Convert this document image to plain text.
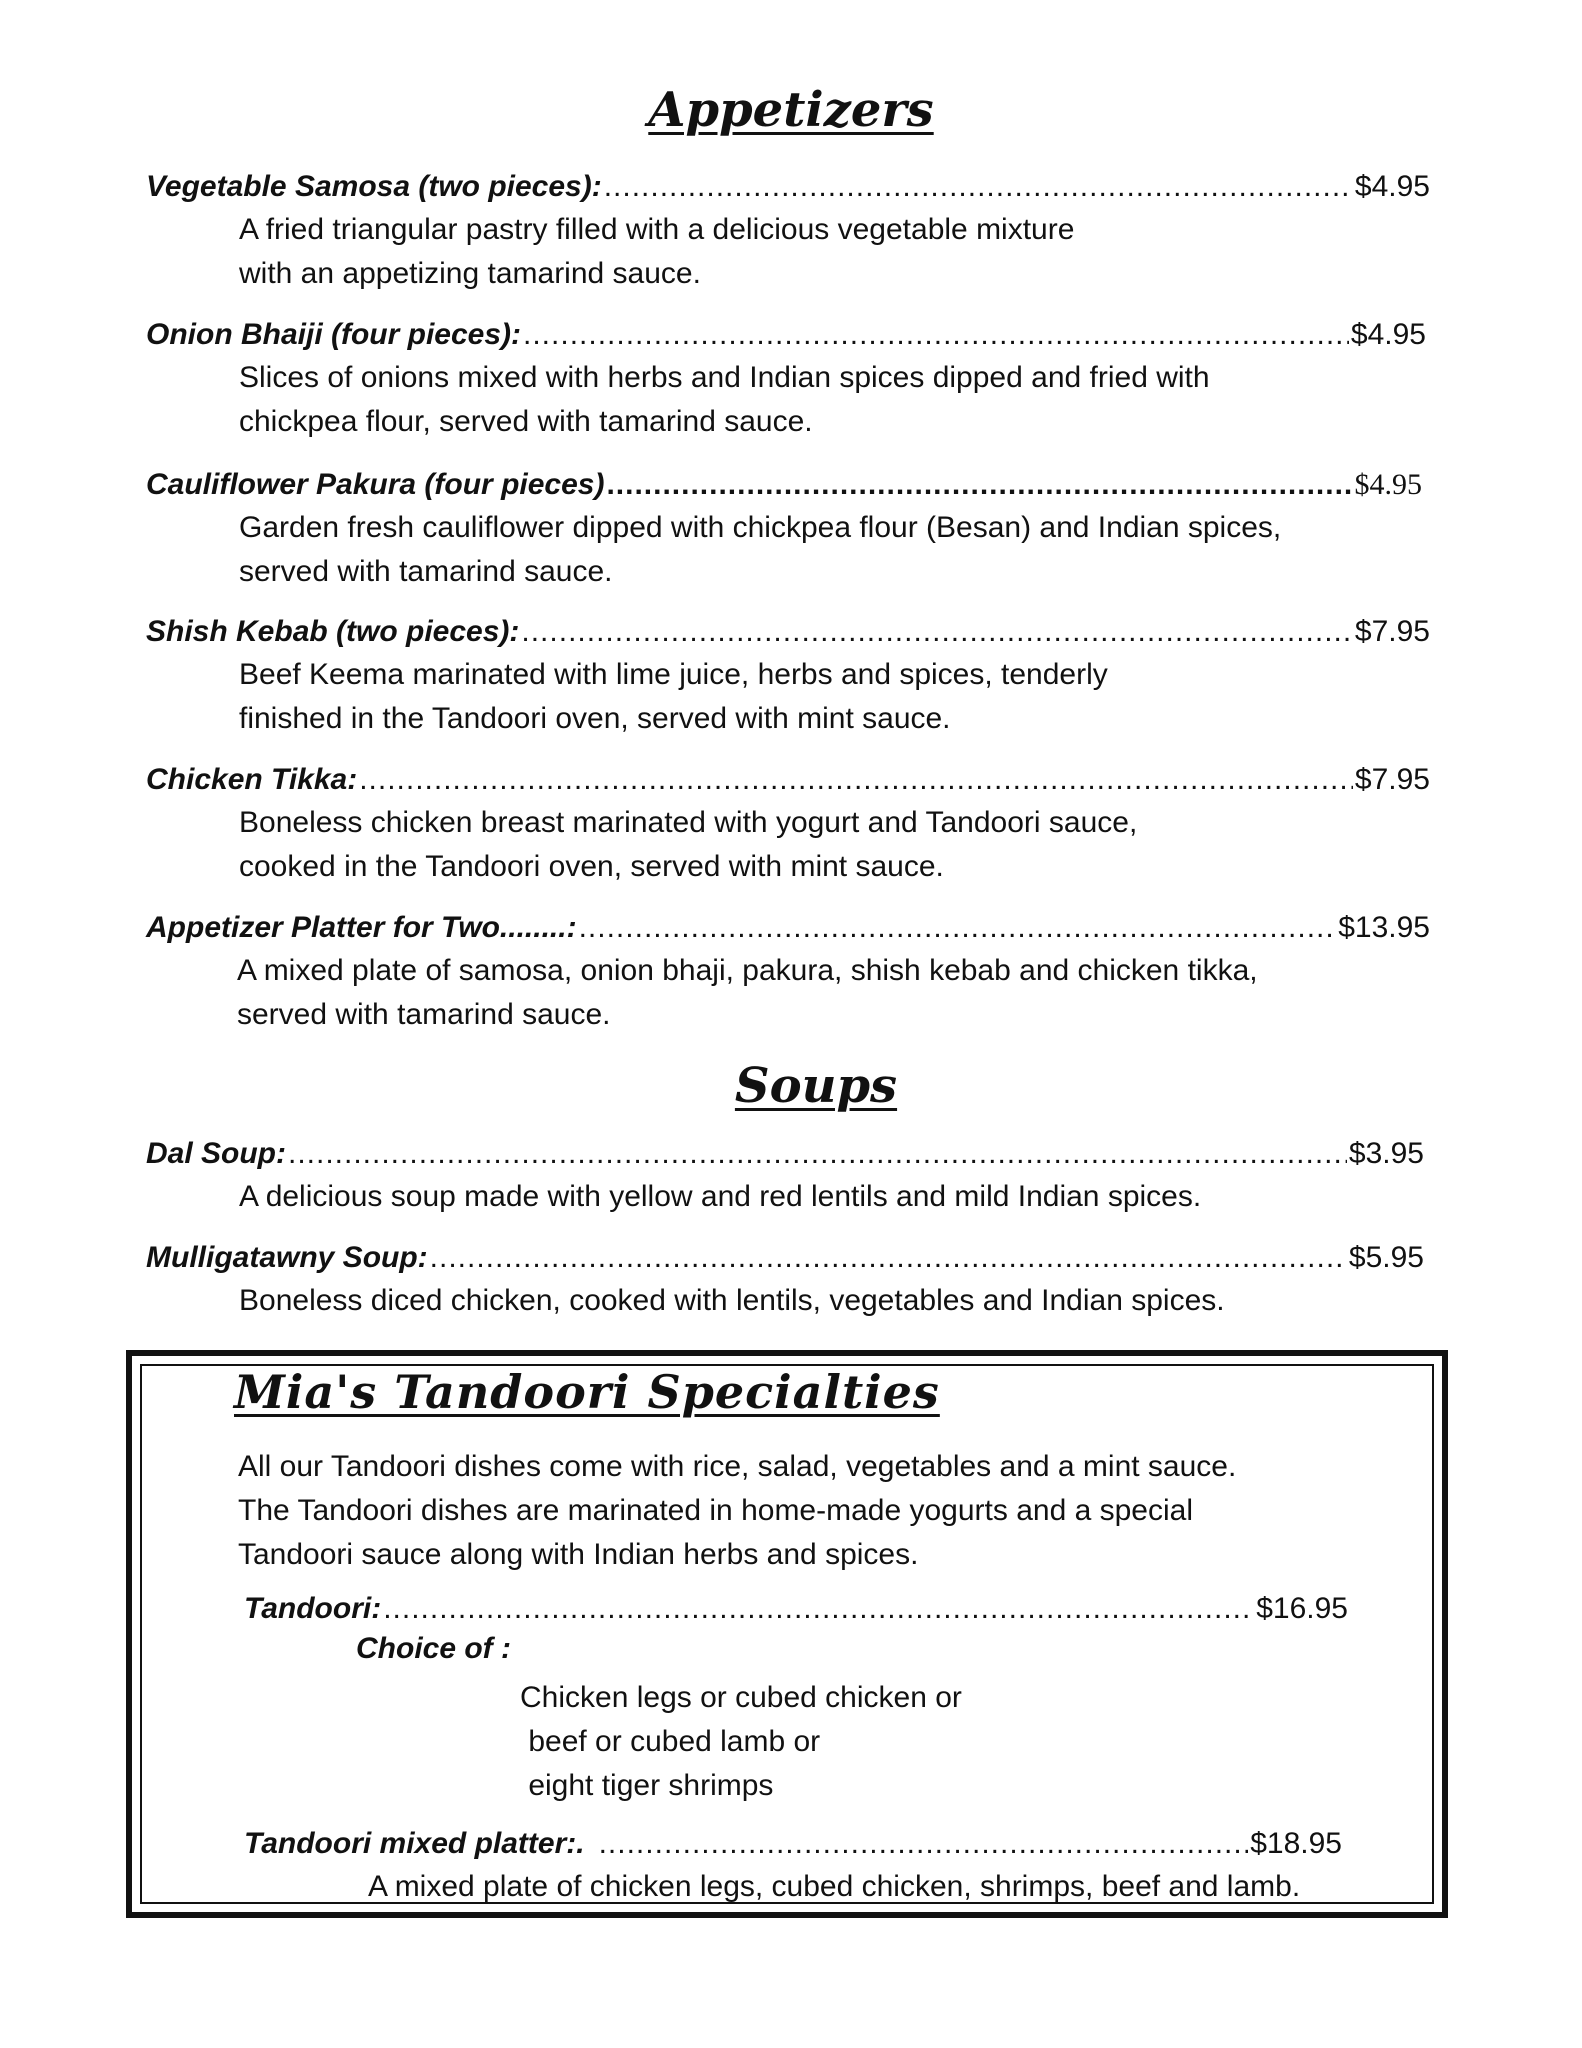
Appetizers
Vegetable Samosa (two pieces): .....	$4.95
A fried triangular pastry filled with a delicious vegetable mixture
with an appetizing tamarind sauce.
Onion Bhaiji (four pieces): .....	$4.95
Slices of onions mixed with herbs and Indian spices dipped and fried with
chickpea flour, served with tamarind sauce.
Cauliflower Pakura (four pieces) .....	$4.95
Garden fresh cauliflower dipped with chickpea flour (Besan) and Indian spices,
served with tamarind sauce.
Shish Kebab (two pieces): .....	$7.95
Beef Keema marinated with lime juice, herbs and spices, tenderly
finished in the Tandoori oven, served with mint sauce.
Chicken Tikka: .....	$7.95
Boneless chicken breast marinated with yogurt and Tandoori sauce,
cooked in the Tandoori oven, served with mint sauce.
Appetizer Platter for Two........: .....	$13.95
A mixed plate of samosa, onion bhaji, pakura, shish kebab and chicken tikka,
served with tamarind sauce.
Soups
Dal Soup: .....	$3.95
A delicious soup made with yellow and red lentils and mild Indian spices.
Mulligatawny Soup: .....	$5.95
Boneless diced chicken, cooked with lentils, vegetables and Indian spices.
Mia's Tandoori Specialties
All our Tandoori dishes come with rice, salad, vegetables and a mint sauce.
The Tandoori dishes are marinated in home-made yogurts and a special
Tandoori sauce along with Indian herbs and spices.
Tandoori: .....	$16.95
Choice of :
Chicken legs or cubed chicken or
beef or cubed lamb or
eight tiger shrimps
Tandoori mixed platter:. .....	$18.95
A mixed plate of chicken legs, cubed chicken, shrimps, beef and lamb.
